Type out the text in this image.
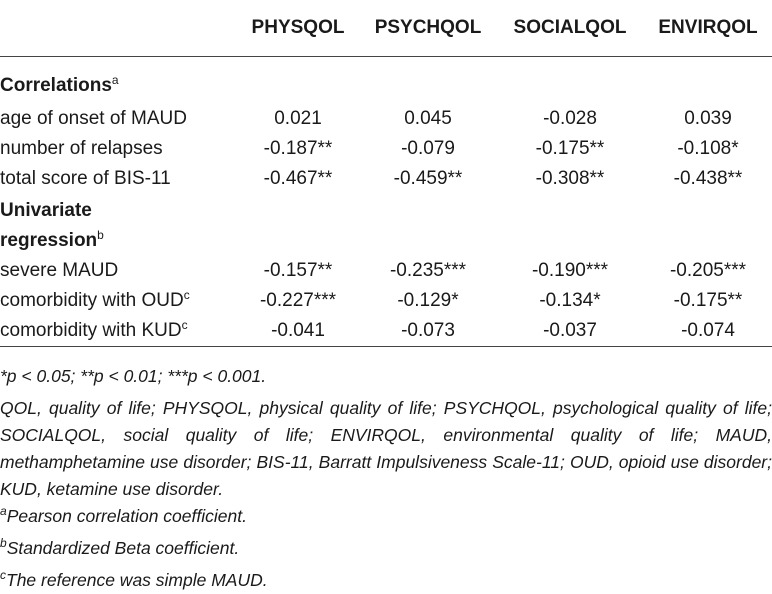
	PHYSQOL	PSYCHQOL	SOCIALQOL	ENVIRQOL
Correlations$^a$
age of onset of MAUD	0.021	0.045	-0.028	0.039
number of relapses	-0.187**	-0.079	-0.175**	-0.108*
total score of BIS-11	-0.467**	-0.459**	-0.308**	-0.438**
Univariate
regression$^b$
severe MAUD	-0.157**	-0.235***	-0.190***	-0.205***
comorbidity with OUD$^c$	-0.227***	-0.129*	-0.134*	-0.175**
comorbidity with KUD$^c$	-0.041	-0.073	-0.037	-0.074

*p < 0.05; **p < 0.01; ***p < 0.001.

QOL, quality of life; PHYSQOL, physical quality of life; PSYCHQOL, psychological quality of life; SOCIALQOL, social quality of life; ENVIRQOL, environmental quality of life; MAUD, methamphetamine use disorder; BIS-11, Barratt Impulsiveness Scale-11; OUD, opioid use disorder; KUD, ketamine use disorder.

$^a$Pearson correlation coefficient.

$^b$Standardized Beta coefficient.

$^c$The reference was simple MAUD.
